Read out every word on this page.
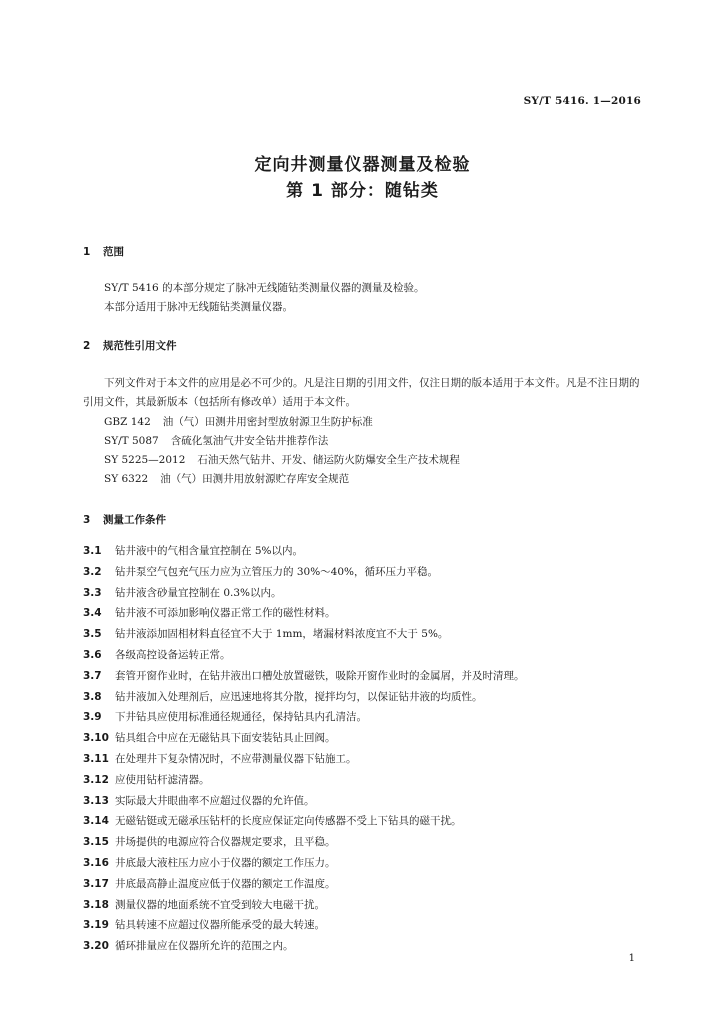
SY/T 5416. 1—2016
定向井测量仪器测量及检验
第 1 部分：随钻类
1 范围

SY/T 5416 的本部分规定了脉冲无线随钻类测量仪器的测量及检验。

本部分适用于脉冲无线随钻类测量仪器。

2 规范性引用文件

下列文件对于本文件的应用是必不可少的。凡是注日期的引用文件，仅注日期的版本适用于本文件。凡是不注日期的引用文件，其最新版本（包括所有修改单）适用于本文件。

GBZ 142 油（气）田测井用密封型放射源卫生防护标准
SY/T 5087 含硫化氢油气井安全钻井推荐作法
SY 5225—2012 石油天然气钻井、开发、储运防火防爆安全生产技术规程
SY 6322 油（气）田测井用放射源贮存库安全规范
3 测量工作条件
3.1 钻井液中的气相含量宜控制在 5%以内。
3.2 钻井泵空气包充气压力应为立管压力的 30%～40%，循环压力平稳。
3.3 钻井液含砂量宜控制在 0.3%以内。
3.4 钻井液不可添加影响仪器正常工作的磁性材料。
3.5 钻井液添加固相材料直径宜不大于 1mm，堵漏材料浓度宜不大于 5%。
3.6 各级高控设备运转正常。
3.7 套管开窗作业时，在钻井液出口槽处放置磁铁，吸除开窗作业时的金属屑，并及时清理。
3.8 钻井液加入处理剂后，应迅速地将其分散，搅拌均匀，以保证钻井液的均质性。
3.9 下井钻具应使用标准通径规通径，保持钻具内孔清洁。
3.10 钻具组合中应在无磁钻具下面安装钻具止回阀。
3.11 在处理井下复杂情况时，不应带测量仪器下钻施工。
3.12 应使用钻杆滤清器。
3.13 实际最大井眼曲率不应超过仪器的允许值。
3.14 无磁钻铤或无磁承压钻杆的长度应保证定向传感器不受上下钻具的磁干扰。
3.15 井场提供的电源应符合仪器规定要求，且平稳。
3.16 井底最大液柱压力应小于仪器的额定工作压力。
3.17 井底最高静止温度应低于仪器的额定工作温度。
3.18 测量仪器的地面系统不宜受到较大电磁干扰。
3.19 钻具转速不应超过仪器所能承受的最大转速。
3.20 循环排量应在仪器所允许的范围之内。
1
